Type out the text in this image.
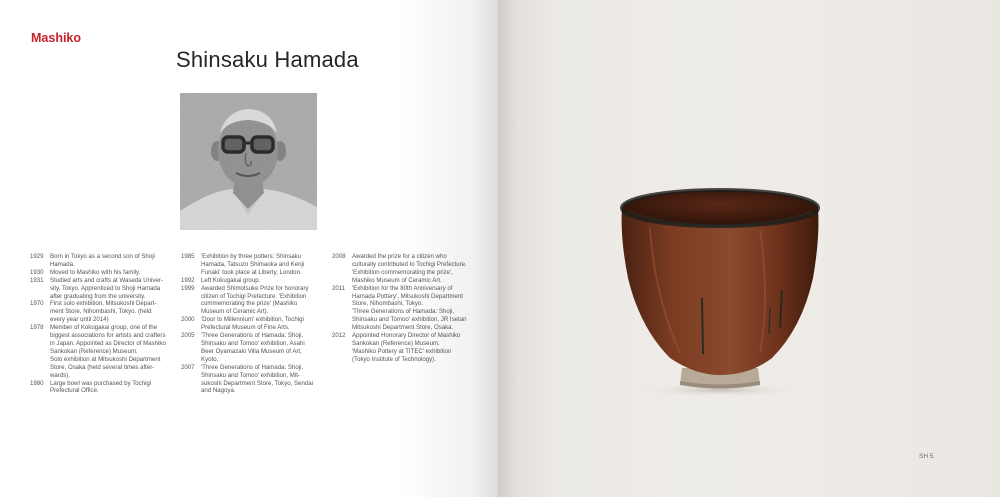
Mashiko
Shinsaku Hamada
1929	Born in Tokyo as a second son of Shoji
Hamada.
1930	Moved to Mashiko with his family.
1931	Studied arts and crafts at Waseda Univer-
sity, Tokyo. Apprenticed to Shoji Hamada
after graduating from the university.
1970	First solo exhibition, Mitsukoshi Depart-
ment Store, Nihombashi, Tokyo. (held
every year until 2014)
1978	Member of Kokugakai group, one of the
biggest associations for artists and crafters
in Japan. Appointed as Director of Mashiko
Sankokan (Reference) Museum.
Solo exhibition at Mitsukoshi Department
Store, Osaka (held several times after-
wards).
1980	Large bowl was purchased by Tochigi
Prefectural Office.
1985	'Exhibition by three potters: Shinsaku
Hamada, Tatsuzo Shimaoka and Kenji
Funaki' took place at Liberty, London.
1992	Left Kokugakai group.
1999	Awarded Shimotsuke Prize for honorary
citizen of Tochigi Prefecture. 'Exhibition
commemorating the prize' (Mashiko
Museum of Ceramic Art).
2000	'Door to Millennium' exhibition, Tochigi
Prefectural Museum of Fine Arts.
2005	'Three Generations of Hamada: Shoji,
Shinsaku and Tomoo' exhibition, Asahi
Beer Oyamazaki Villa Museum of Art,
Kyoto.
2007	'Three Generations of Hamada: Shoji,
Shinsaku and Tomoo' exhibition, Mit-
sukoshi Department Store, Tokyo, Sendai
and Nagoya.
2008	Awarded the prize for a citizen who
culturally contributed to Tochigi Prefecture.
'Exhibition commemorating the prize',
Mashiko Museum of Ceramic Art.
2011	'Exhibition for the 80th Anniversary of
Hamada Pottery', Mitsukoshi Department
Store, Nihombashi, Tokyo.
'Three Generations of Hamada: Shoji,
Shinsaku and Tomoo' exhibition, JR Isetan
Mitsukoshi Department Store, Osaka.
2012	Appointed Honorary Director of Mashiko
Sankokan (Reference) Museum.
'Mashiko Pottery at TITEC' exhibition
(Tokyo Institute of Technology).
SH 5
